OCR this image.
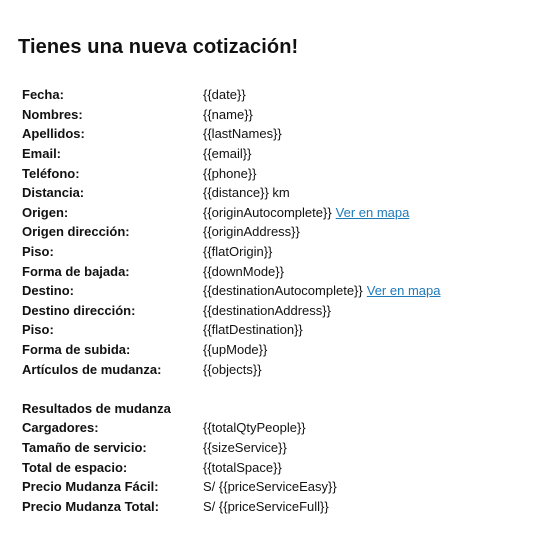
Tienes una nueva cotización!
Fecha:	{{date}}
Nombres:	{{name}}
Apellidos:	{{lastNames}}
Email:	{{email}}
Teléfono:	{{phone}}
Distancia:	{{distance}} km
Origen:	{{originAutocomplete}} Ver en mapa
Origen dirección:	{{originAddress}}
Piso:	{{flatOrigin}}
Forma de bajada:	{{downMode}}
Destino:	{{destinationAutocomplete}} Ver en mapa
Destino dirección:	{{destinationAddress}}
Piso:	{{flatDestination}}
Forma de subida:	{{upMode}}
Artículos de mudanza:	{{objects}}
Resultados de mudanza
Cargadores:	{{totalQtyPeople}}
Tamaño de servicio:	{{sizeService}}
Total de espacio:	{{totalSpace}}
Precio Mudanza Fácil:	S/ {{priceServiceEasy}}
Precio Mudanza Total:	S/ {{priceServiceFull}}
